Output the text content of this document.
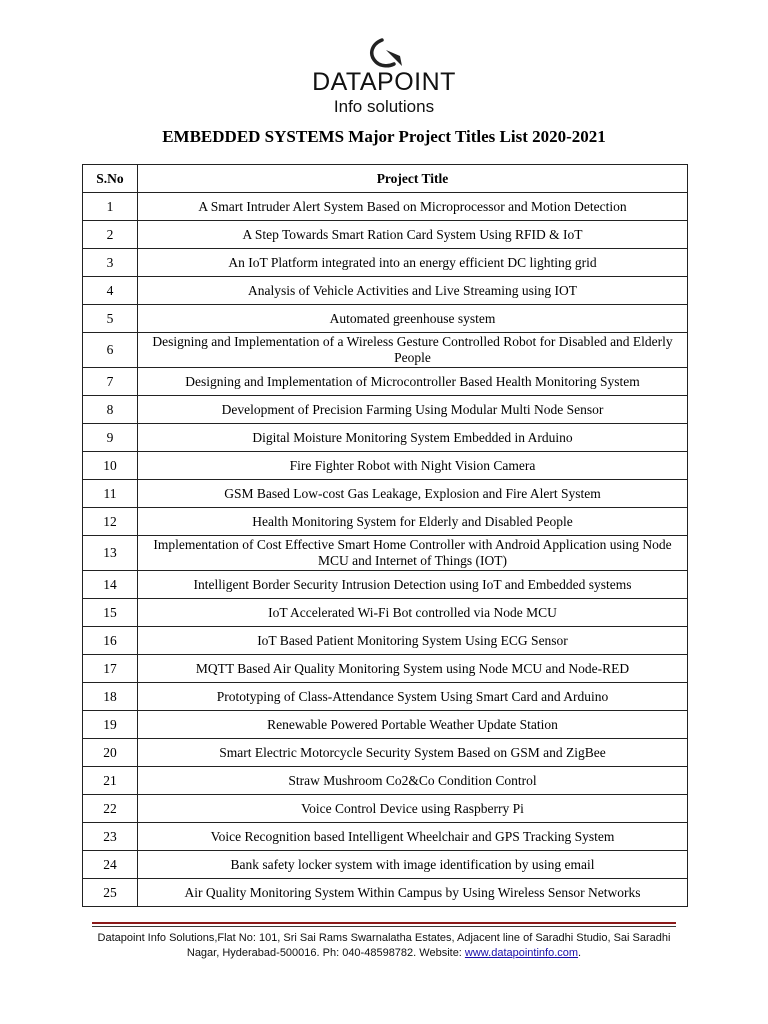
DATAPOINT
Info solutions
EMBEDDED SYSTEMS Major Project Titles List 2020-2021
S.No	Project Title
1	A Smart Intruder Alert System Based on Microprocessor and Motion Detection
2	A Step Towards Smart Ration Card System Using RFID & IoT
3	An IoT Platform integrated into an energy efficient DC lighting grid
4	Analysis of Vehicle Activities and Live Streaming using IOT
5	Automated greenhouse system
6	Designing and Implementation of a Wireless Gesture Controlled Robot for Disabled and Elderly People
7	Designing and Implementation of Microcontroller Based Health Monitoring System
8	Development of Precision Farming Using Modular Multi Node Sensor
9	Digital Moisture Monitoring System Embedded in Arduino
10	Fire Fighter Robot with Night Vision Camera
11	GSM Based Low-cost Gas Leakage, Explosion and Fire Alert System
12	Health Monitoring System for Elderly and Disabled People
13	Implementation of Cost Effective Smart Home Controller with Android Application using Node MCU and Internet of Things (IOT)
14	Intelligent Border Security Intrusion Detection using IoT and Embedded systems
15	IoT Accelerated Wi-Fi Bot controlled via Node MCU
16	IoT Based Patient Monitoring System Using ECG Sensor
17	MQTT Based Air Quality Monitoring System using Node MCU and Node-RED
18	Prototyping of Class-Attendance System Using Smart Card and Arduino
19	Renewable Powered Portable Weather Update Station
20	Smart Electric Motorcycle Security System Based on GSM and ZigBee
21	Straw Mushroom Co2&Co Condition Control
22	Voice Control Device using Raspberry Pi
23	Voice Recognition based Intelligent Wheelchair and GPS Tracking System
24	Bank safety locker system with image identification by using email
25	Air Quality Monitoring System Within Campus by Using Wireless Sensor Networks
Datapoint Info Solutions,Flat No: 101, Sri Sai Rams Swarnalatha Estates, Adjacent line of Saradhi Studio, Sai Saradhi Nagar, Hyderabad-500016. Ph: 040-48598782. Website: www.datapointinfo.com.
